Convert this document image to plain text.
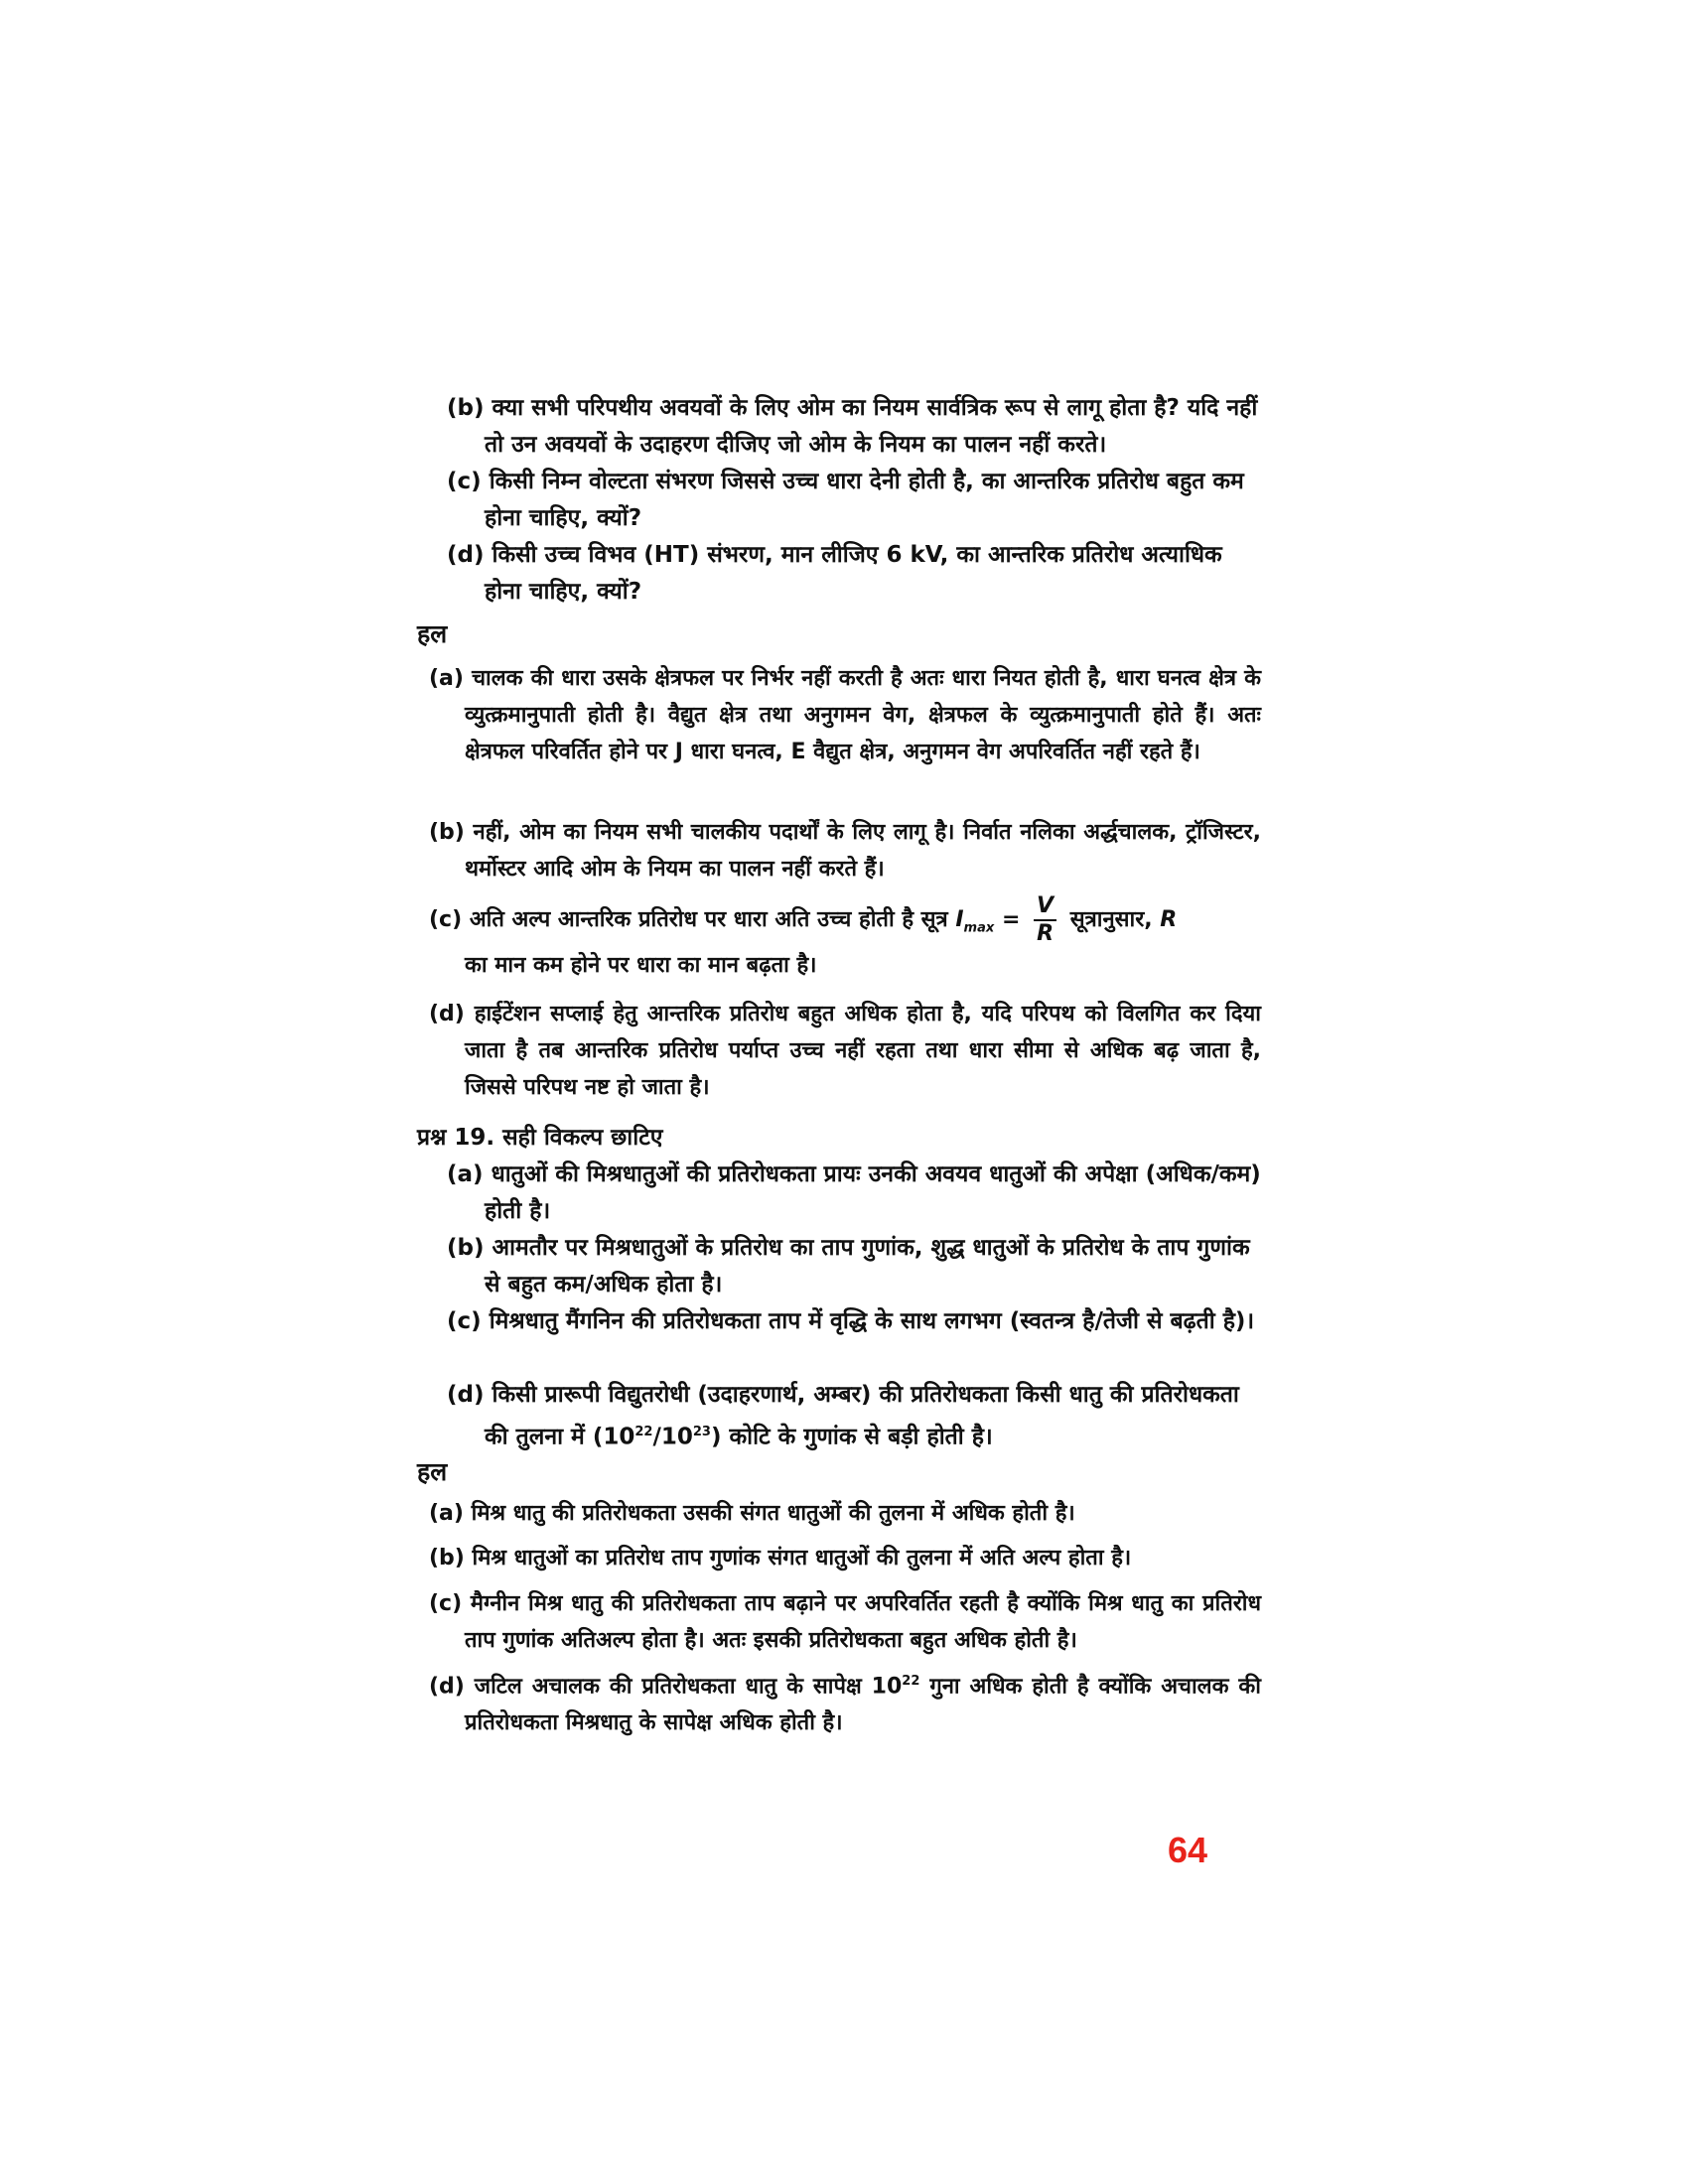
(b) क्या सभी परिपथीय अवयवों के लिए ओम का नियम सार्वत्रिक रूप से लागू होता है? यदि नहीं तो उन अवयवों के उदाहरण दीजिए जो ओम के नियम का पालन नहीं करते।
(c) किसी निम्न वोल्टता संभरण जिससे उच्च धारा देनी होती है, का आन्तरिक प्रतिरोध बहुत कम होना चाहिए, क्यों?
(d) किसी उच्च विभव (HT) संभरण, मान लीजिए 6 kV, का आन्तरिक प्रतिरोध अत्याधिक होना चाहिए, क्यों?
हल
(a) चालक की धारा उसके क्षेत्रफल पर निर्भर नहीं करती है अतः धारा नियत होती है, धारा घनत्व क्षेत्र के व्युत्क्रमानुपाती होती है। वैद्युत क्षेत्र तथा अनुगमन वेग, क्षेत्रफल के व्युत्क्रमानुपाती होते हैं। अतः क्षेत्रफल परिवर्तित होने पर J धारा घनत्व, E वैद्युत क्षेत्र, अनुगमन वेग अपरिवर्तित नहीं रहते हैं।
(b) नहीं, ओम का नियम सभी चालकीय पदार्थों के लिए लागू है। निर्वात नलिका अर्द्धचालक, ट्रॉजिस्टर, थर्मोस्टर आदि ओम के नियम का पालन नहीं करते हैं।
(c) अति अल्प आन्तरिक प्रतिरोध पर धारा अति उच्च होती है सूत्र $I_{max} = \frac{V}{R}$ सूत्रानुसार, R
का मान कम होने पर धारा का मान बढ़ता है।
(d) हाईटेंशन सप्लाई हेतु आन्तरिक प्रतिरोध बहुत अधिक होता है, यदि परिपथ को विलगित कर दिया जाता है तब आन्तरिक प्रतिरोध पर्याप्त उच्च नहीं रहता तथा धारा सीमा से अधिक बढ़ जाता है, जिससे परिपथ नष्ट हो जाता है।
प्रश्न 19. सही विकल्प छाटिए
(a) धातुओं की मिश्रधातुओं की प्रतिरोधकता प्रायः उनकी अवयव धातुओं की अपेक्षा (अधिक/कम) होती है।
(b) आमतौर पर मिश्रधातुओं के प्रतिरोध का ताप गुणांक, शुद्ध धातुओं के प्रतिरोध के ताप गुणांक से बहुत कम/अधिक होता है।
(c) मिश्रधातु मैंगनिन की प्रतिरोधकता ताप में वृद्धि के साथ लगभग (स्वतन्त्र है/तेजी से बढ़ती है)।
(d) किसी प्रारूपी विद्युतरोधी (उदाहरणार्थ, अम्बर) की प्रतिरोधकता किसी धातु की प्रतिरोधकता की तुलना में $(10^{22}/10^{23})$ कोटि के गुणांक से बड़ी होती है।
हल
(a) मिश्र धातु की प्रतिरोधकता उसकी संगत धातुओं की तुलना में अधिक होती है।
(b) मिश्र धातुओं का प्रतिरोध ताप गुणांक संगत धातुओं की तुलना में अति अल्प होता है।
(c) मैग्नीन मिश्र धातु की प्रतिरोधकता ताप बढ़ाने पर अपरिवर्तित रहती है क्योंकि मिश्र धातु का प्रतिरोध ताप गुणांक अतिअल्प होता है। अतः इसकी प्रतिरोधकता बहुत अधिक होती है।
(d) जटिल अचालक की प्रतिरोधकता धातु के सापेक्ष $10^{22}$ गुना अधिक होती है क्योंकि अचालक की प्रतिरोधकता मिश्रधातु के सापेक्ष अधिक होती है।
64
